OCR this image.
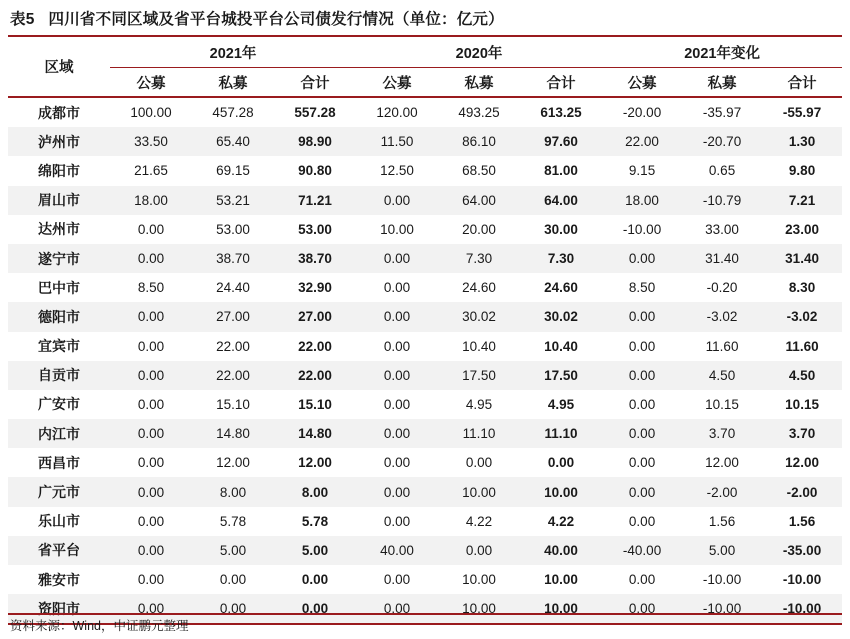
表5 四川省不同区域及省平台城投平台公司债发行情况（单位：亿元）
区域	2021年			2020年			2021年变化		
	公募	私募	合计	公募	私募	合计	公募	私募	合计
成都市	100.00	457.28	557.28	120.00	493.25	613.25	-20.00	-35.97	-55.97
泸州市	33.50	65.40	98.90	11.50	86.10	97.60	22.00	-20.70	1.30
绵阳市	21.65	69.15	90.80	12.50	68.50	81.00	9.15	0.65	9.80
眉山市	18.00	53.21	71.21	0.00	64.00	64.00	18.00	-10.79	7.21
达州市	0.00	53.00	53.00	10.00	20.00	30.00	-10.00	33.00	23.00
遂宁市	0.00	38.70	38.70	0.00	7.30	7.30	0.00	31.40	31.40
巴中市	8.50	24.40	32.90	0.00	24.60	24.60	8.50	-0.20	8.30
德阳市	0.00	27.00	27.00	0.00	30.02	30.02	0.00	-3.02	-3.02
宜宾市	0.00	22.00	22.00	0.00	10.40	10.40	0.00	11.60	11.60
自贡市	0.00	22.00	22.00	0.00	17.50	17.50	0.00	4.50	4.50
广安市	0.00	15.10	15.10	0.00	4.95	4.95	0.00	10.15	10.15
内江市	0.00	14.80	14.80	0.00	11.10	11.10	0.00	3.70	3.70
西昌市	0.00	12.00	12.00	0.00	0.00	0.00	0.00	12.00	12.00
广元市	0.00	8.00	8.00	0.00	10.00	10.00	0.00	-2.00	-2.00
乐山市	0.00	5.78	5.78	0.00	4.22	4.22	0.00	1.56	1.56
省平台	0.00	5.00	5.00	40.00	0.00	40.00	-40.00	5.00	-35.00
雅安市	0.00	0.00	0.00	0.00	10.00	10.00	0.00	-10.00	-10.00
资阳市	0.00	0.00	0.00	0.00	10.00	10.00	0.00	-10.00	-10.00
资料来源：Wind，中证鹏元整理
